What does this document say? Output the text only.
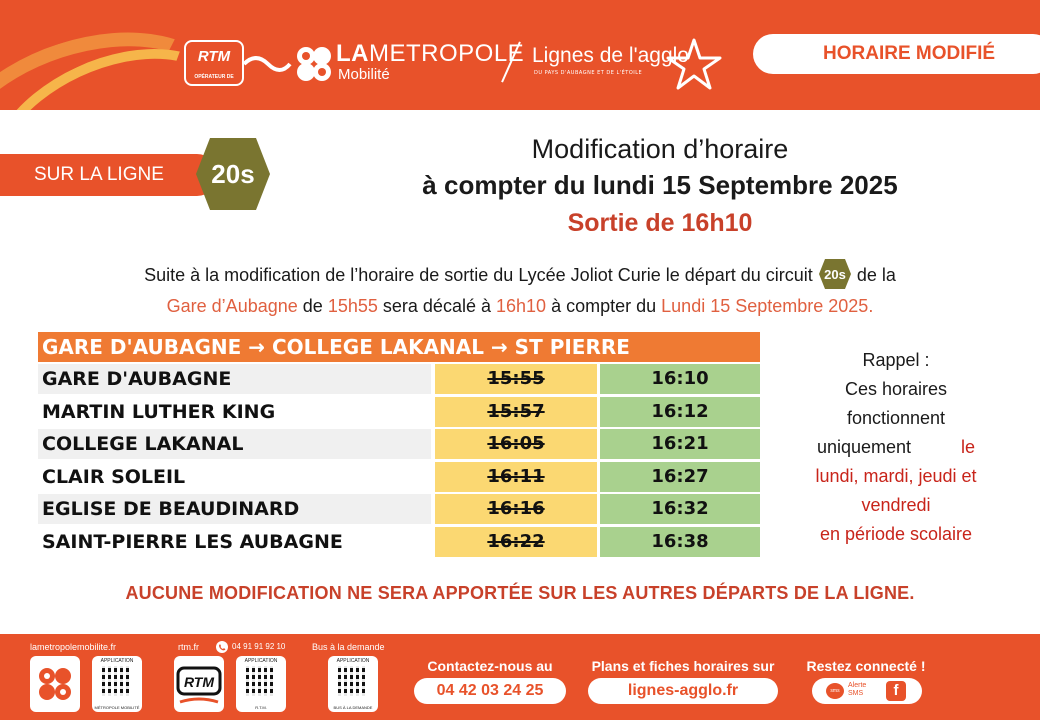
RTM
OPÉRATEUR DE
LAMETROPOLE
Mobilité
Lignes de l'agglo
DU PAYS D'AUBAGNE ET DE L'ÉTOILE
HORAIRE MODIFIÉ
SUR LA LIGNE	20s
Modification d’horaire
à compter du lundi 15 Septembre 2025
Sortie de 16h10
Suite à la modification de l’horaire de sortie du Lycée Joliot Curie le départ du circuit 20s de la
Gare d’Aubagne de 15h55 sera décalé à 16h10 à compter du Lundi 15 Septembre 2025.
GARE D'AUBAGNE → COLLEGE LAKANAL → ST PIERRE
GARE D'AUBAGNE	15:55	16:10
MARTIN LUTHER KING	15:57	16:12
COLLEGE LAKANAL	16:05	16:21
CLAIR SOLEIL	16:11	16:27
EGLISE DE BEAUDINARD	16:16	16:32
SAINT-PIERRE LES AUBAGNE	16:22	16:38
Rappel :
Ces horaires
fonctionnent
uniquement	le
lundi, mardi, jeudi et
vendredi
en période scolaire
AUCUNE MODIFICATION NE SERA APPORTÉE SUR LES AUTRES DÉPARTS DE LA LIGNE.
lametropolemobilite.fr	rtm.fr	04 91 91 92 10	Bus à la demande
APPLICATION
MÉTROPOLE MOBILITÉ
RTM
APPLICATION
R.T.M.
APPLICATION
BUS À LA DEMANDE
Contactez-nous au
04 42 03 24 25
Plans et fiches horaires sur
lignes-agglo.fr
Restez connecté !
sms
Alerte
SMS	f
